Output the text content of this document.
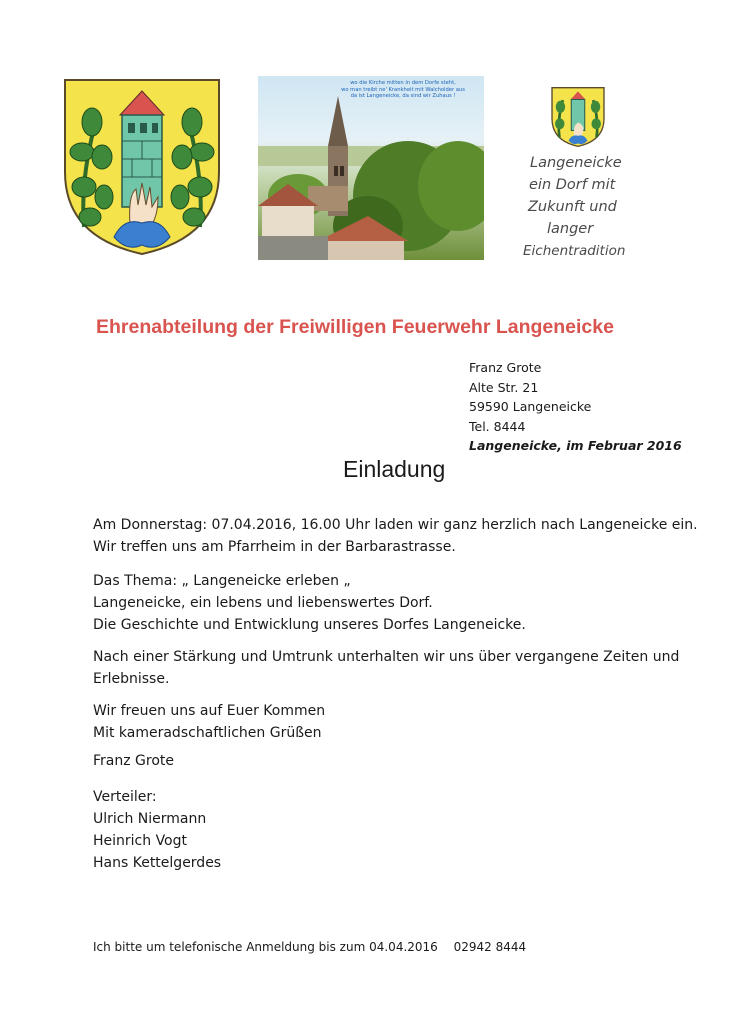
wo die Kirche mitten in dem Dorfe steht,
wo man treibt ne' Krankheit mit Walcholder aus
da ist Langeneicke, da sind wir Zuhaus !
Langeneicke
ein Dorf mit
Zukunft und
langer
Eichentradition
Ehrenabteilung der Freiwilligen Feuerwehr Langeneicke
Franz Grote
Alte Str. 21
59590 Langeneicke
Tel. 8444
Langeneicke, im Februar 2016
Einladung
Am Donnerstag: 07.04.2016, 16.00 Uhr laden wir ganz herzlich nach Langeneicke ein.
Wir treffen uns am Pfarrheim in der Barbarastrasse.
Das Thema: „ Langeneicke erleben „
Langeneicke, ein lebens und liebenswertes Dorf.
Die Geschichte und Entwicklung unseres Dorfes Langeneicke.
Nach einer Stärkung und Umtrunk unterhalten wir uns über vergangene Zeiten und
Erlebnisse.
Wir freuen uns auf Euer Kommen
Mit kameradschaftlichen Grüßen
Franz Grote
Verteiler:
Ulrich Niermann
Heinrich Vogt
Hans Kettelgerdes
Ich bitte um telefonische Anmeldung bis zum 04.04.2016 02942 8444
